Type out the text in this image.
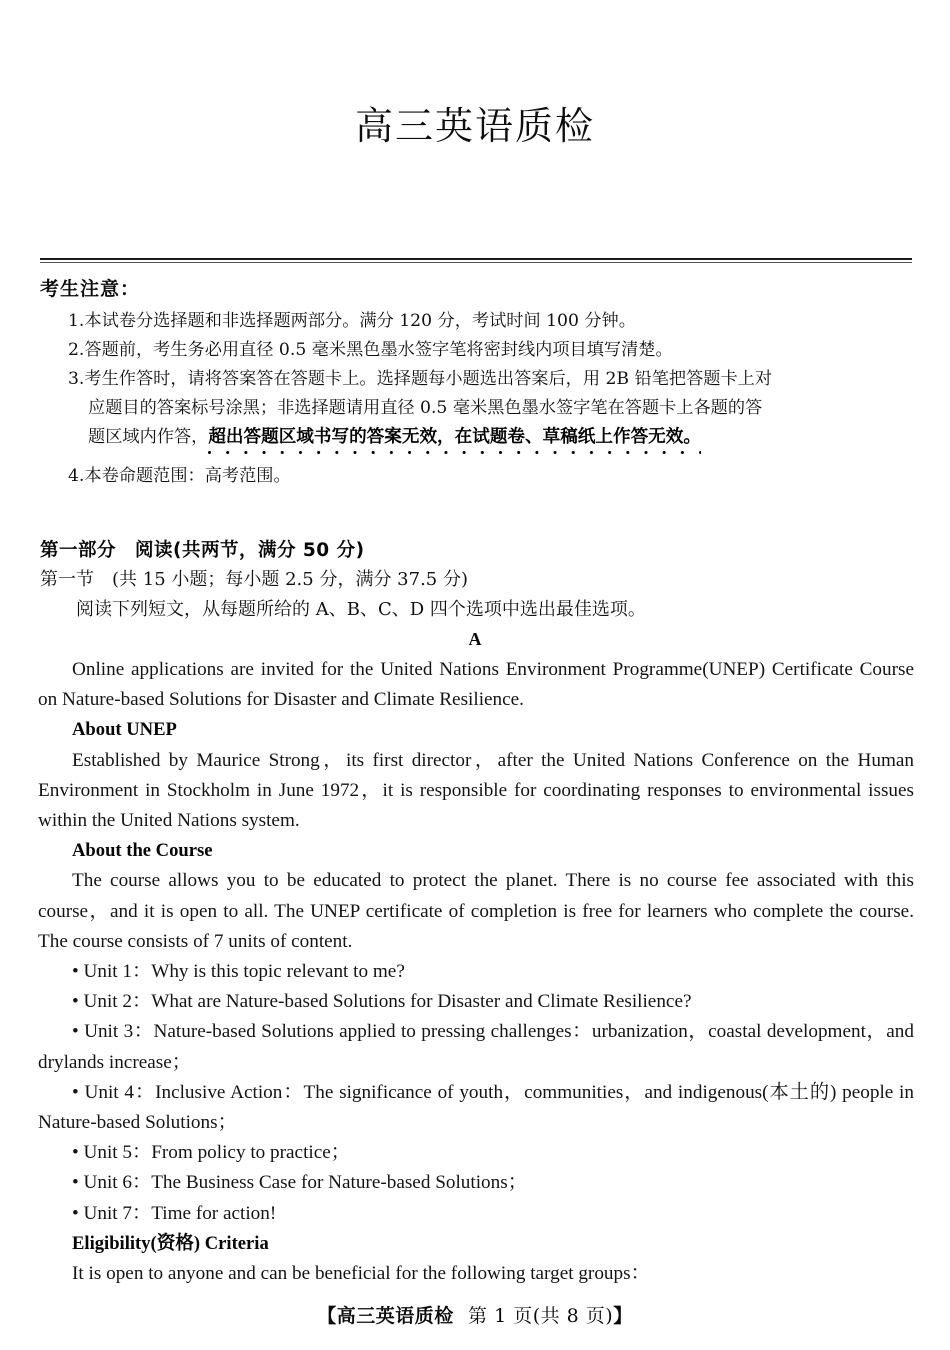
高三英语质检
考生注意：
1.本试卷分选择题和非选择题两部分。满分 120 分，考试时间 100 分钟。
2.答题前，考生务必用直径 0.5 毫米黑色墨水签字笔将密封线内项目填写清楚。
3.考生作答时，请将答案答在答题卡上。选择题每小题选出答案后，用 2B 铅笔把答题卡上对
应题目的答案标号涂黑；非选择题请用直径 0.5 毫米黑色墨水签字笔在答题卡上各题的答
题区域内作答，超出答题区域书写的答案无效，在试题卷、草稿纸上作答无效。
4.本卷命题范围：高考范围。
第一部分　阅读(共两节，满分 50 分)
第一节　(共 15 小题；每小题 2.5 分，满分 37.5 分)
阅读下列短文，从每题所给的 A、B、C、D 四个选项中选出最佳选项。
A

Online applications are invited for the United Nations Environment Programme(UNEP) Certificate Course on Nature-based Solutions for Disaster and Climate Resilience.

About UNEP

Established by Maurice Strong，its first director，after the United Nations Conference on the Human Environment in Stockholm in June 1972，it is responsible for coordinating responses to environmental issues within the United Nations system.

About the Course

The course allows you to be educated to protect the planet. There is no course fee associated with this course，and it is open to all. The UNEP certificate of completion is free for learners who complete the course. The course consists of 7 units of content.

• Unit 1：Why is this topic relevant to me?

• Unit 2：What are Nature-based Solutions for Disaster and Climate Resilience?

• Unit 3：Nature-based Solutions applied to pressing challenges：urbanization，coastal development，and drylands increase；

• Unit 4：Inclusive Action：The significance of youth，communities，and indigenous(本土的) people in Nature-based Solutions；

• Unit 5：From policy to practice；

• Unit 6：The Business Case for Nature-based Solutions；

• Unit 7：Time for action!

Eligibility(资格) Criteria

It is open to anyone and can be beneficial for the following target groups：

【高三英语质检 第 1 页(共 8 页)】
